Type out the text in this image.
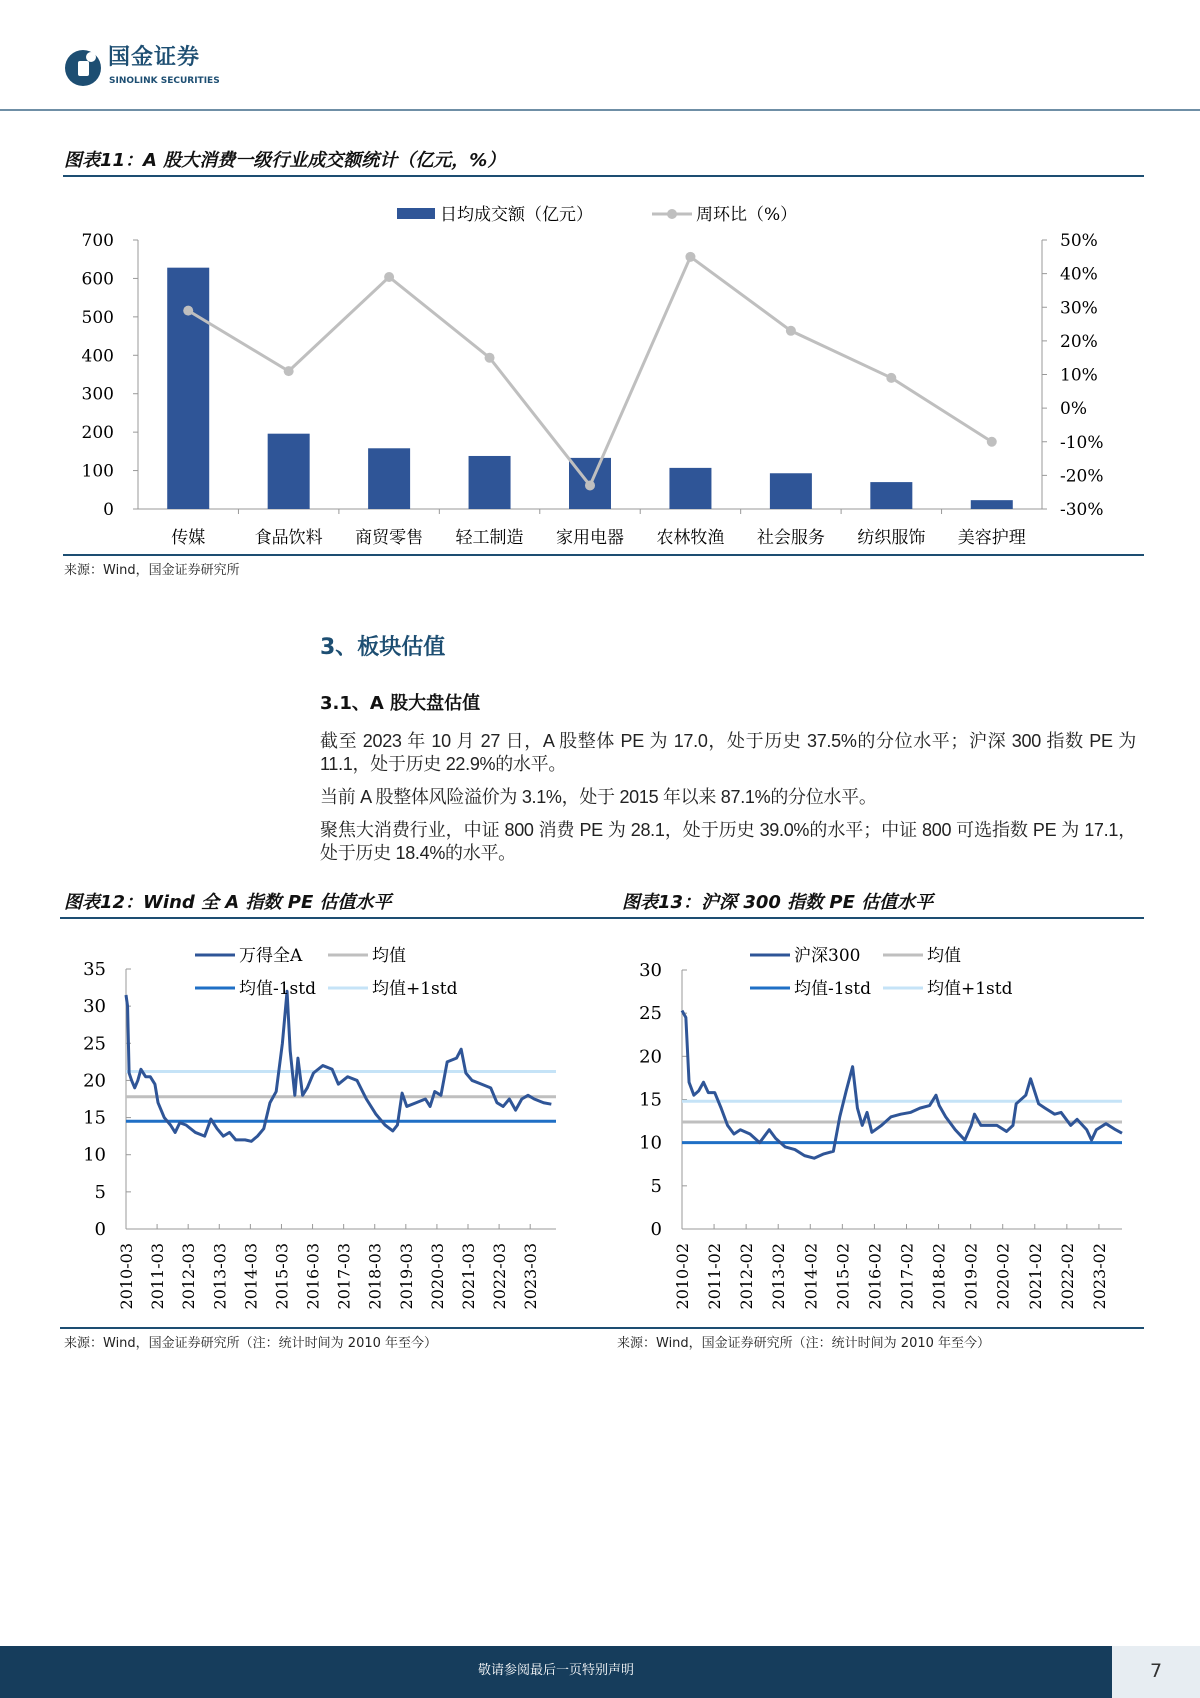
国金证券
SINOLINK SECURITIES
图表11：A 股大消费一级行业成交额统计（亿元，%）
0
100
200
300
400
500
600
700
-30%
-20%
-10%
0%
10%
20%
30%
40%
50%
传媒	食品饮料 商贸零售 轻工制造 家用电器 农林牧渔 社会服务 纺织服饰 美容护理
日均成交额（亿元）	周环比（%）
来源：Wind，国金证券研究所
3、板块估值
3.1、A 股大盘估值

截至 2023 年 10 月 27 日，A 股整体 PE 为 17.0，处于历史 37.5%的分位水平；沪深 300 指数 PE 为 11.1，处于历史 22.9%的水平。

当前 A 股整体风险溢价为 3.1%，处于 2015 年以来 87.1%的分位水平。

聚焦大消费行业，中证 800 消费 PE 为 28.1，处于历史 39.0%的水平；中证 800 可选指数 PE 为 17.1，处于历史 18.4%的水平。

图表12：Wind 全 A 指数 PE 估值水平	图表13：沪深 300 指数 PE 估值水平
0
5
10
15
20
25
30
35
2010-03 2011-03 2012-03 2013-03 2014-03 2015-03 2016-03 2017-03 2018-03 2019-03 2020-03 2021-03 2022-03 2023-03
万得全A	均值
均值-1std	均值+1std
0
5
10
15
20
25
30
2010-02 2011-02 2012-02 2013-02 2014-02 2015-02 2016-02 2017-02 2018-02 2019-02 2020-02 2021-02 2022-02 2023-02
沪深300	均值
均值-1std	均值+1std
来源：Wind，国金证券研究所（注：统计时间为 2010 年至今）	来源：Wind，国金证券研究所（注：统计时间为 2010 年至今）
敬请参阅最后一页特别声明	7
